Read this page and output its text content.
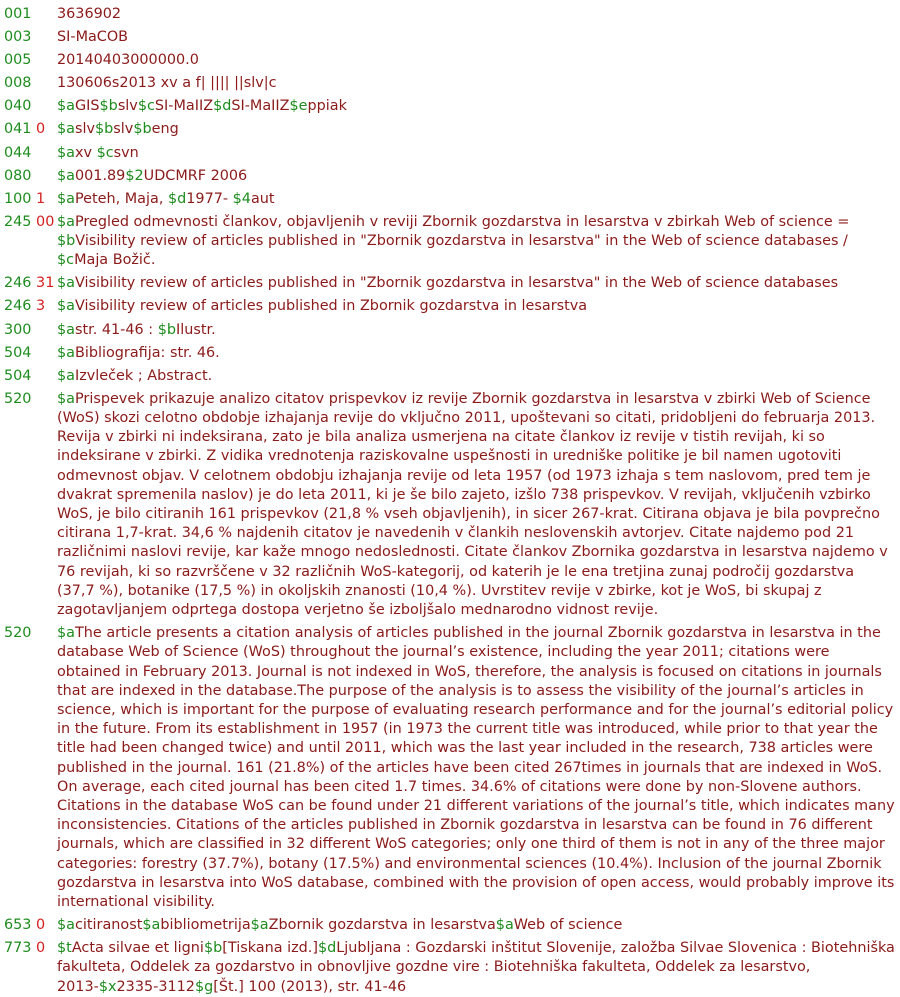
001	3636902
003	SI-MaCOB
005	20140403000000.0
008	130606s2013 xv a f| |||| ||slv|c
040	$aGIS$bslv$cSI-MaIIZ$dSI-MaIIZ$eppiak
041 0 $aslv$bslv$beng
044	$axv $csvn
080	$a001.89$2UDCMRF 2006
100 1 $aPeteh, Maja, $d1977- $4aut
245 00 $aPregled odmevnosti člankov, objavljenih v reviji Zbornik gozdarstva in lesarstva v zbirkah Web of science = $bVisibility review of articles published in "Zbornik gozdarstva in lesarstva" in the Web of science databases / $cMaja Božič.
246 31 $aVisibility review of articles published in "Zbornik gozdarstva in lesarstva" in the Web of science databases
246 3 $aVisibility review of articles published in Zbornik gozdarstva in lesarstva
300	$astr. 41-46 : $bIlustr.
504	$aBibliografija: str. 46.
504	$aIzvleček ; Abstract.
520	$aPrispevek prikazuje analizo citatov prispevkov iz revije Zbornik gozdarstva in lesarstva v zbirki Web of Science (WoS) skozi celotno obdobje izhajanja revije do vključno 2011, upoštevani so citati, pridobljeni do februarja 2013. Revija v zbirki ni indeksirana, zato je bila analiza usmerjena na citate člankov iz revije v tistih revijah, ki so indeksirane v zbirki. Z vidika vrednotenja raziskovalne uspešnosti in uredniške politike je bil namen ugotoviti odmevnost objav. V celotnem obdobju izhajanja revije od leta 1957 (od 1973 izhaja s tem naslovom, pred tem je dvakrat spremenila naslov) je do leta 2011, ki je še bilo zajeto, izšlo 738 prispevkov. V revijah, vključenih vzbirko WoS, je bilo citiranih 161 prispevkov (21,8 % vseh objavljenih), in sicer 267-krat. Citirana objava je bila povprečno citirana 1,7-krat. 34,6 % najdenih citatov je navedenih v člankih neslovenskih avtorjev. Citate najdemo pod 21 različnimi naslovi revije, kar kaže mnogo nedoslednosti. Citate člankov Zbornika gozdarstva in lesarstva najdemo v 76 revijah, ki so razvrščene v 32 različnih WoS-kategorij, od katerih je le ena tretjina zunaj področij gozdarstva (37,7 %), botanike (17,5 %) in okoljskih znanosti (10,4 %). Uvrstitev revije v zbirke, kot je WoS, bi skupaj z zagotavljanjem odprtega dostopa verjetno še izboljšalo mednarodno vidnost revije.
520	$aThe article presents a citation analysis of articles published in the journal Zbornik gozdarstva in lesarstva in the database Web of Science (WoS) throughout the journal’s existence, including the year 2011; citations were obtained in February 2013. Journal is not indexed in WoS, therefore, the analysis is focused on citations in journals that are indexed in the database.The purpose of the analysis is to assess the visibility of the journal’s articles in science, which is important for the purpose of evaluating research performance and for the journal’s editorial policy in the future. From its establishment in 1957 (in 1973 the current title was introduced, while prior to that year the title had been changed twice) and until 2011, which was the last year included in the research, 738 articles were published in the journal. 161 (21.8%) of the articles have been cited 267times in journals that are indexed in WoS. On average, each cited journal has been cited 1.7 times. 34.6% of citations were done by non-Slovene authors. Citations in the database WoS can be found under 21 different variations of the journal’s title, which indicates many inconsistencies. Citations of the articles published in Zbornik gozdarstva in lesarstva can be found in 76 different journals, which are classified in 32 different WoS categories; only one third of them is not in any of the three major categories: forestry (37.7%), botany (17.5%) and environmental sciences (10.4%). Inclusion of the journal Zbornik gozdarstva in lesarstva into WoS database, combined with the provision of open access, would probably improve its international visibility.
653 0 $acitiranost$abibliometrija$aZbornik gozdarstva in lesarstva$aWeb of science
773 0 $tActa silvae et ligni$b[Tiskana izd.]$dLjubljana : Gozdarski inštitut Slovenije, založba Silvae Slovenica : Biotehniška fakulteta, Oddelek za gozdarstvo in obnovljive gozdne vire : Biotehniška fakulteta, Oddelek za lesarstvo, 2013-$x2335-3112$g[Št.] 100 (2013), str. 41-46
